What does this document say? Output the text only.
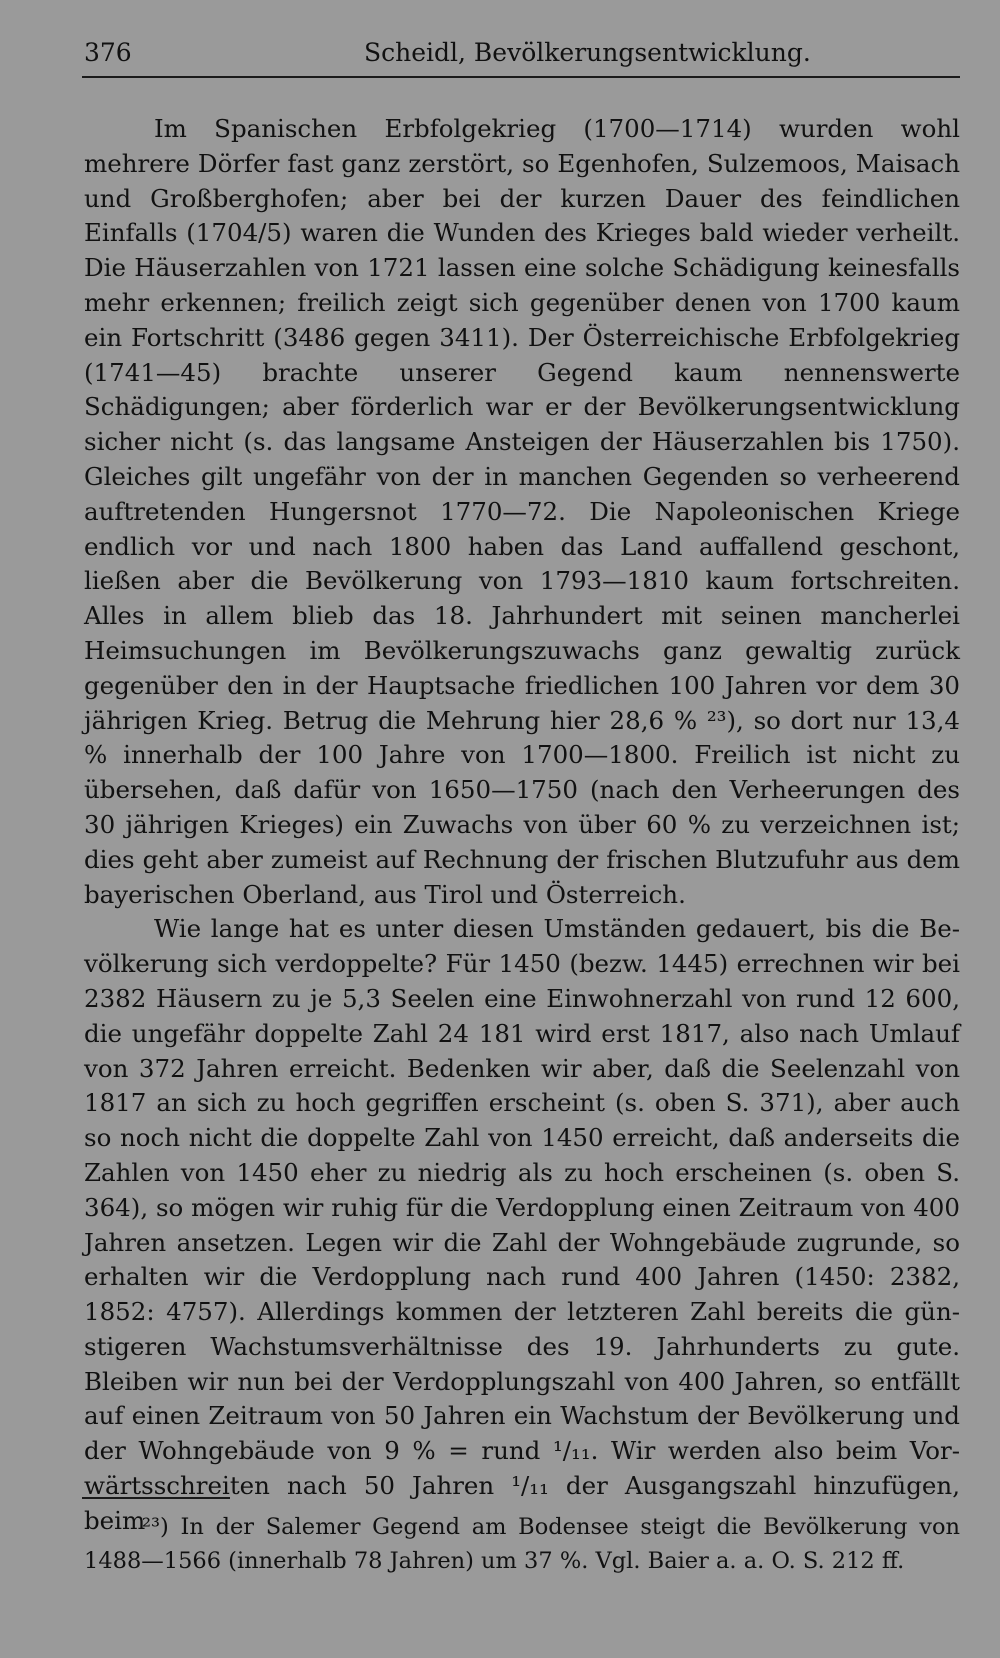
376	Scheidl, Bevölkerungsentwicklung.

Im Spanischen Erbfolgekrieg (1700—1714) wurden wohl mehrere Dörfer fast ganz zerstört, so Egenhofen, Sulzemoos, Maisach und Großberghofen; aber bei der kurzen Dauer des feindlichen Einfalls (1704/5) waren die Wunden des Krieges bald wieder verheilt. Die Häuserzahlen von 1721 lassen eine solche Schädigung keinesfalls mehr erkennen; freilich zeigt sich gegenüber denen von 1700 kaum ein Fortschritt (3486 gegen 3411). Der Österreichische Erbfolgekrieg (1741—45) brachte unserer Gegend kaum nennenswerte Schädigungen; aber förderlich war er der Bevölkerungsentwicklung sicher nicht (s. das langsame Ansteigen der Häuserzahlen bis 1750). Gleiches gilt ungefähr von der in manchen Gegenden so verheerend auftretenden Hungersnot 1770—72. Die Napoleonischen Kriege endlich vor und nach 1800 haben das Land auffallend geschont, ließen aber die Bevölkerung von 1793—1810 kaum fortschreiten. Alles in allem blieb das 18. Jahrhundert mit seinen mancherlei Heimsuchungen im Bevölkerungszuwachs ganz gewaltig zurück gegenüber den in der Hauptsache friedlichen 100 Jahren vor dem 30 jährigen Krieg. Betrug die Mehrung hier 28,6 % ²³), so dort nur 13,4 % innerhalb der 100 Jahre von 1700—1800. Freilich ist nicht zu übersehen, daß dafür von 1650—1750 (nach den Verheerungen des 30 jährigen Krieges) ein Zuwachs von über 60 % zu verzeichnen ist; dies geht aber zumeist auf Rechnung der frischen Blutzufuhr aus dem bayerischen Oberland, aus Tirol und Österreich.

Wie lange hat es unter diesen Umständen gedauert, bis die Bevölkerung sich verdoppelte? Für 1450 (bezw. 1445) errechnen wir bei 2382 Häusern zu je 5,3 Seelen eine Einwohnerzahl von rund 12 600, die ungefähr doppelte Zahl 24 181 wird erst 1817, also nach Umlauf von 372 Jahren erreicht. Bedenken wir aber, daß die Seelenzahl von 1817 an sich zu hoch gegriffen erscheint (s. oben S. 371), aber auch so noch nicht die doppelte Zahl von 1450 erreicht, daß anderseits die Zahlen von 1450 eher zu niedrig als zu hoch erscheinen (s. oben S. 364), so mögen wir ruhig für die Verdopplung einen Zeitraum von 400 Jahren ansetzen. Legen wir die Zahl der Wohngebäude zugrunde, so erhalten wir die Verdopplung nach rund 400 Jahren (1450: 2382, 1852: 4757). Allerdings kommen der letzteren Zahl bereits die günstigeren Wachstumsverhältnisse des 19. Jahrhunderts zu gute. Bleiben wir nun bei der Verdopplungszahl von 400 Jahren, so entfällt auf einen Zeitraum von 50 Jahren ein Wachstum der Bevölkerung und der Wohngebäude von 9 % = rund ¹/₁₁. Wir werden also beim Vorwärtsschreiten nach 50 Jahren ¹/₁₁ der Ausgangszahl hinzufügen, beim

²³) In der Salemer Gegend am Bodensee steigt die Bevölkerung von 1488—1566 (innerhalb 78 Jahren) um 37 %. Vgl. Baier a. a. O. S. 212 ff.
